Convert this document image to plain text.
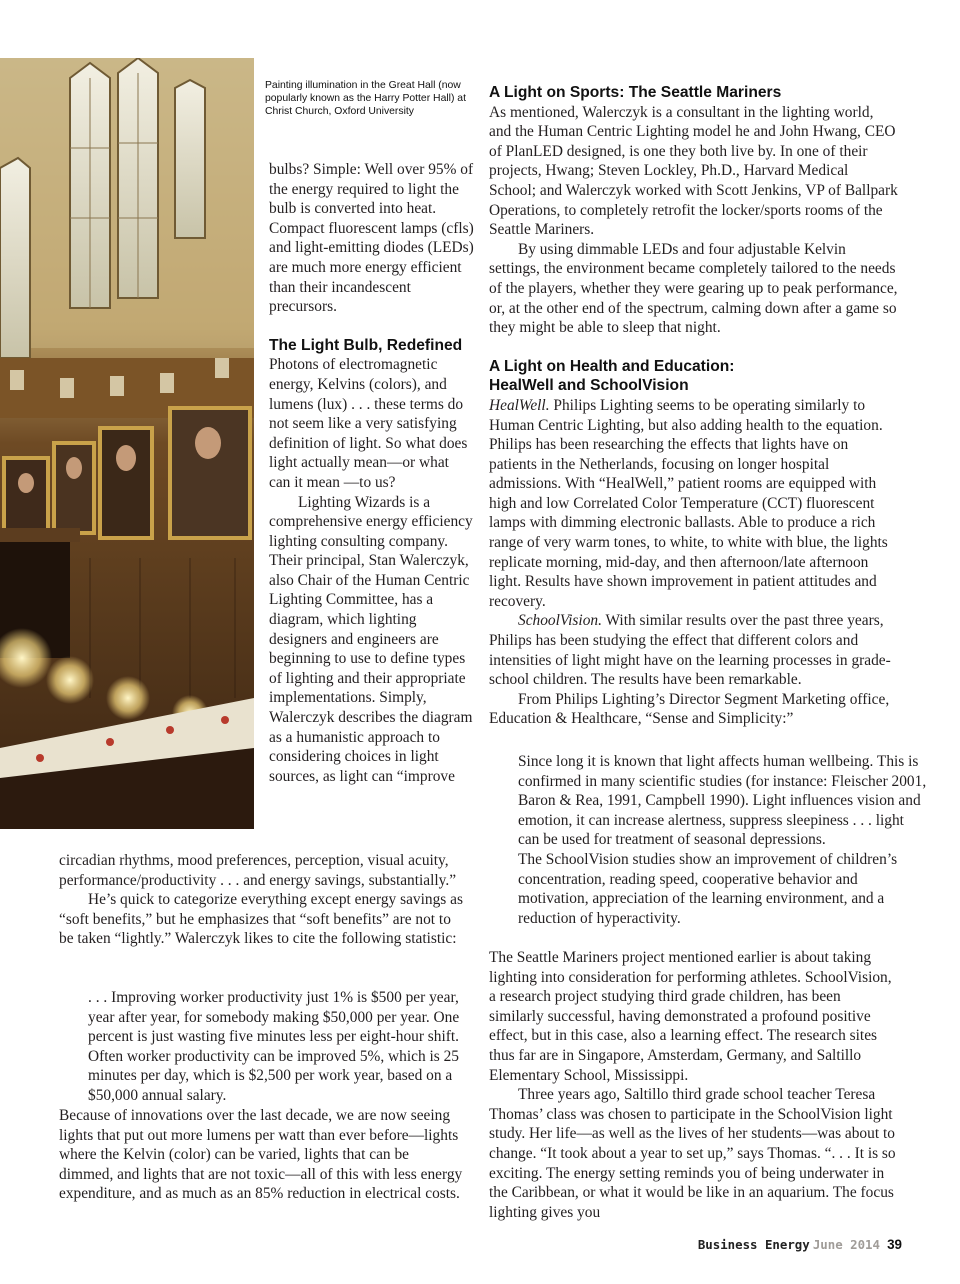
Painting illumination in the Great Hall (now popularly known as the Harry Potter Hall) at Christ Church, Oxford University

bulbs? Simple: Well over 95% of the energy required to light the bulb is converted into heat. Compact fluorescent lamps (cfls) and light-emitting diodes (LEDs) are much more energy efficient than their incandescent precursors.

The Light Bulb, Redefined

Photons of electromagnetic energy, Kelvins (colors), and lumens (lux) . . . these terms do not seem like a very satisfying definition of light. So what does light actually mean—or what can it mean —to us?

Lighting Wizards is a comprehensive energy efficiency lighting consulting company. Their principal, Stan Walerczyk, also Chair of the Human Centric Lighting Committee, has a diagram, which lighting designers and engineers are beginning to use to define types of lighting and their appropriate implementations. Simply, Walerczyk describes the diagram as a humanistic approach to considering choices in light sources, as light can “improve

circadian rhythms, mood preferences, perception, visual acuity, performance/productivity . . . and energy savings, substantially.”

He’s quick to categorize everything except energy savings as “soft benefits,” but he emphasizes that “soft benefits” are not to be taken “lightly.” Walerczyk likes to cite the following statistic:

. . . Improving worker productivity just 1% is $500 per year, year after year, for somebody making $50,000 per year. One percent is just wasting five minutes less per eight-hour shift. Often worker productivity can be improved 5%, which is 25 minutes per day, which is $2,500 per work year, based on a $50,000 annual salary.
Because of innovations over the last decade, we are now seeing lights that put out more lumens per watt than ever before—lights where the Kelvin (color) can be varied, lights that can be dimmed, and lights that are not toxic—all of this with less energy expenditure, and as much as an 85% reduction in electrical costs.

A Light on Sports: The Seattle Mariners

As mentioned, Walerczyk is a consultant in the lighting world, and the Human Centric Lighting model he and John Hwang, CEO of PlanLED designed, is one they both live by. In one of their projects, Hwang; Steven Lockley, Ph.D., Harvard Medical School; and Walerczyk worked with Scott Jenkins, VP of Ballpark Operations, to completely retrofit the locker/sports rooms of the Seattle Mariners.

By using dimmable LEDs and four adjustable Kelvin settings, the environment became completely tailored to the needs of the players, whether they were gearing up to peak performance, or, at the other end of the spectrum, calming down after a game so they might be able to sleep that night.

A Light on Health and Education:
HealWell and SchoolVision

HealWell. Philips Lighting seems to be operating similarly to Human Centric Lighting, but also adding health to the equation. Philips has been researching the effects that lights have on patients in the Netherlands, focusing on longer hospital admissions. With “HealWell,” patient rooms are equipped with high and low Correlated Color Temperature (CCT) fluorescent lamps with dimming electronic ballasts. Able to produce a rich range of very warm tones, to white, to white with blue, the lights replicate morning, mid-day, and then afternoon/late afternoon light. Results have shown improvement in patient attitudes and recovery.

SchoolVision. With similar results over the past three years, Philips has been studying the effect that different colors and intensities of light might have on the learning processes in grade-school children. The results have been remarkable.

From Philips Lighting’s Director Segment Marketing office, Education & Healthcare, “Sense and Simplicity:”

Since long it is known that light affects human wellbeing. This is confirmed in many scientific studies (for instance: Fleischer 2001, Baron & Rea, 1991, Campbell 1990). Light influences vision and emotion, it can increase alertness, suppress sleepiness . . . light can be used for treatment of seasonal depressions.

The SchoolVision studies show an improvement of children’s concentration, reading speed, cooperative behavior and motivation, appreciation of the learning environment, and a reduction of hyperactivity.

The Seattle Mariners project mentioned earlier is about taking lighting into consideration for performing athletes. SchoolVision, a research project studying third grade children, has been similarly successful, having demonstrated a profound positive effect, but in this case, also a learning effect. The research sites thus far are in Singapore, Amsterdam, Germany, and Saltillo Elementary School, Mississippi.

Three years ago, Saltillo third grade school teacher Teresa Thomas’ class was chosen to participate in the SchoolVision light study. Her life—as well as the lives of her students—was about to change. “It took about a year to set up,” says Thomas. “. . . It is so exciting. The energy setting reminds you of being underwater in the Caribbean, or what it would be like in an aquarium. The focus lighting gives you

Business Energy June 2014 39
